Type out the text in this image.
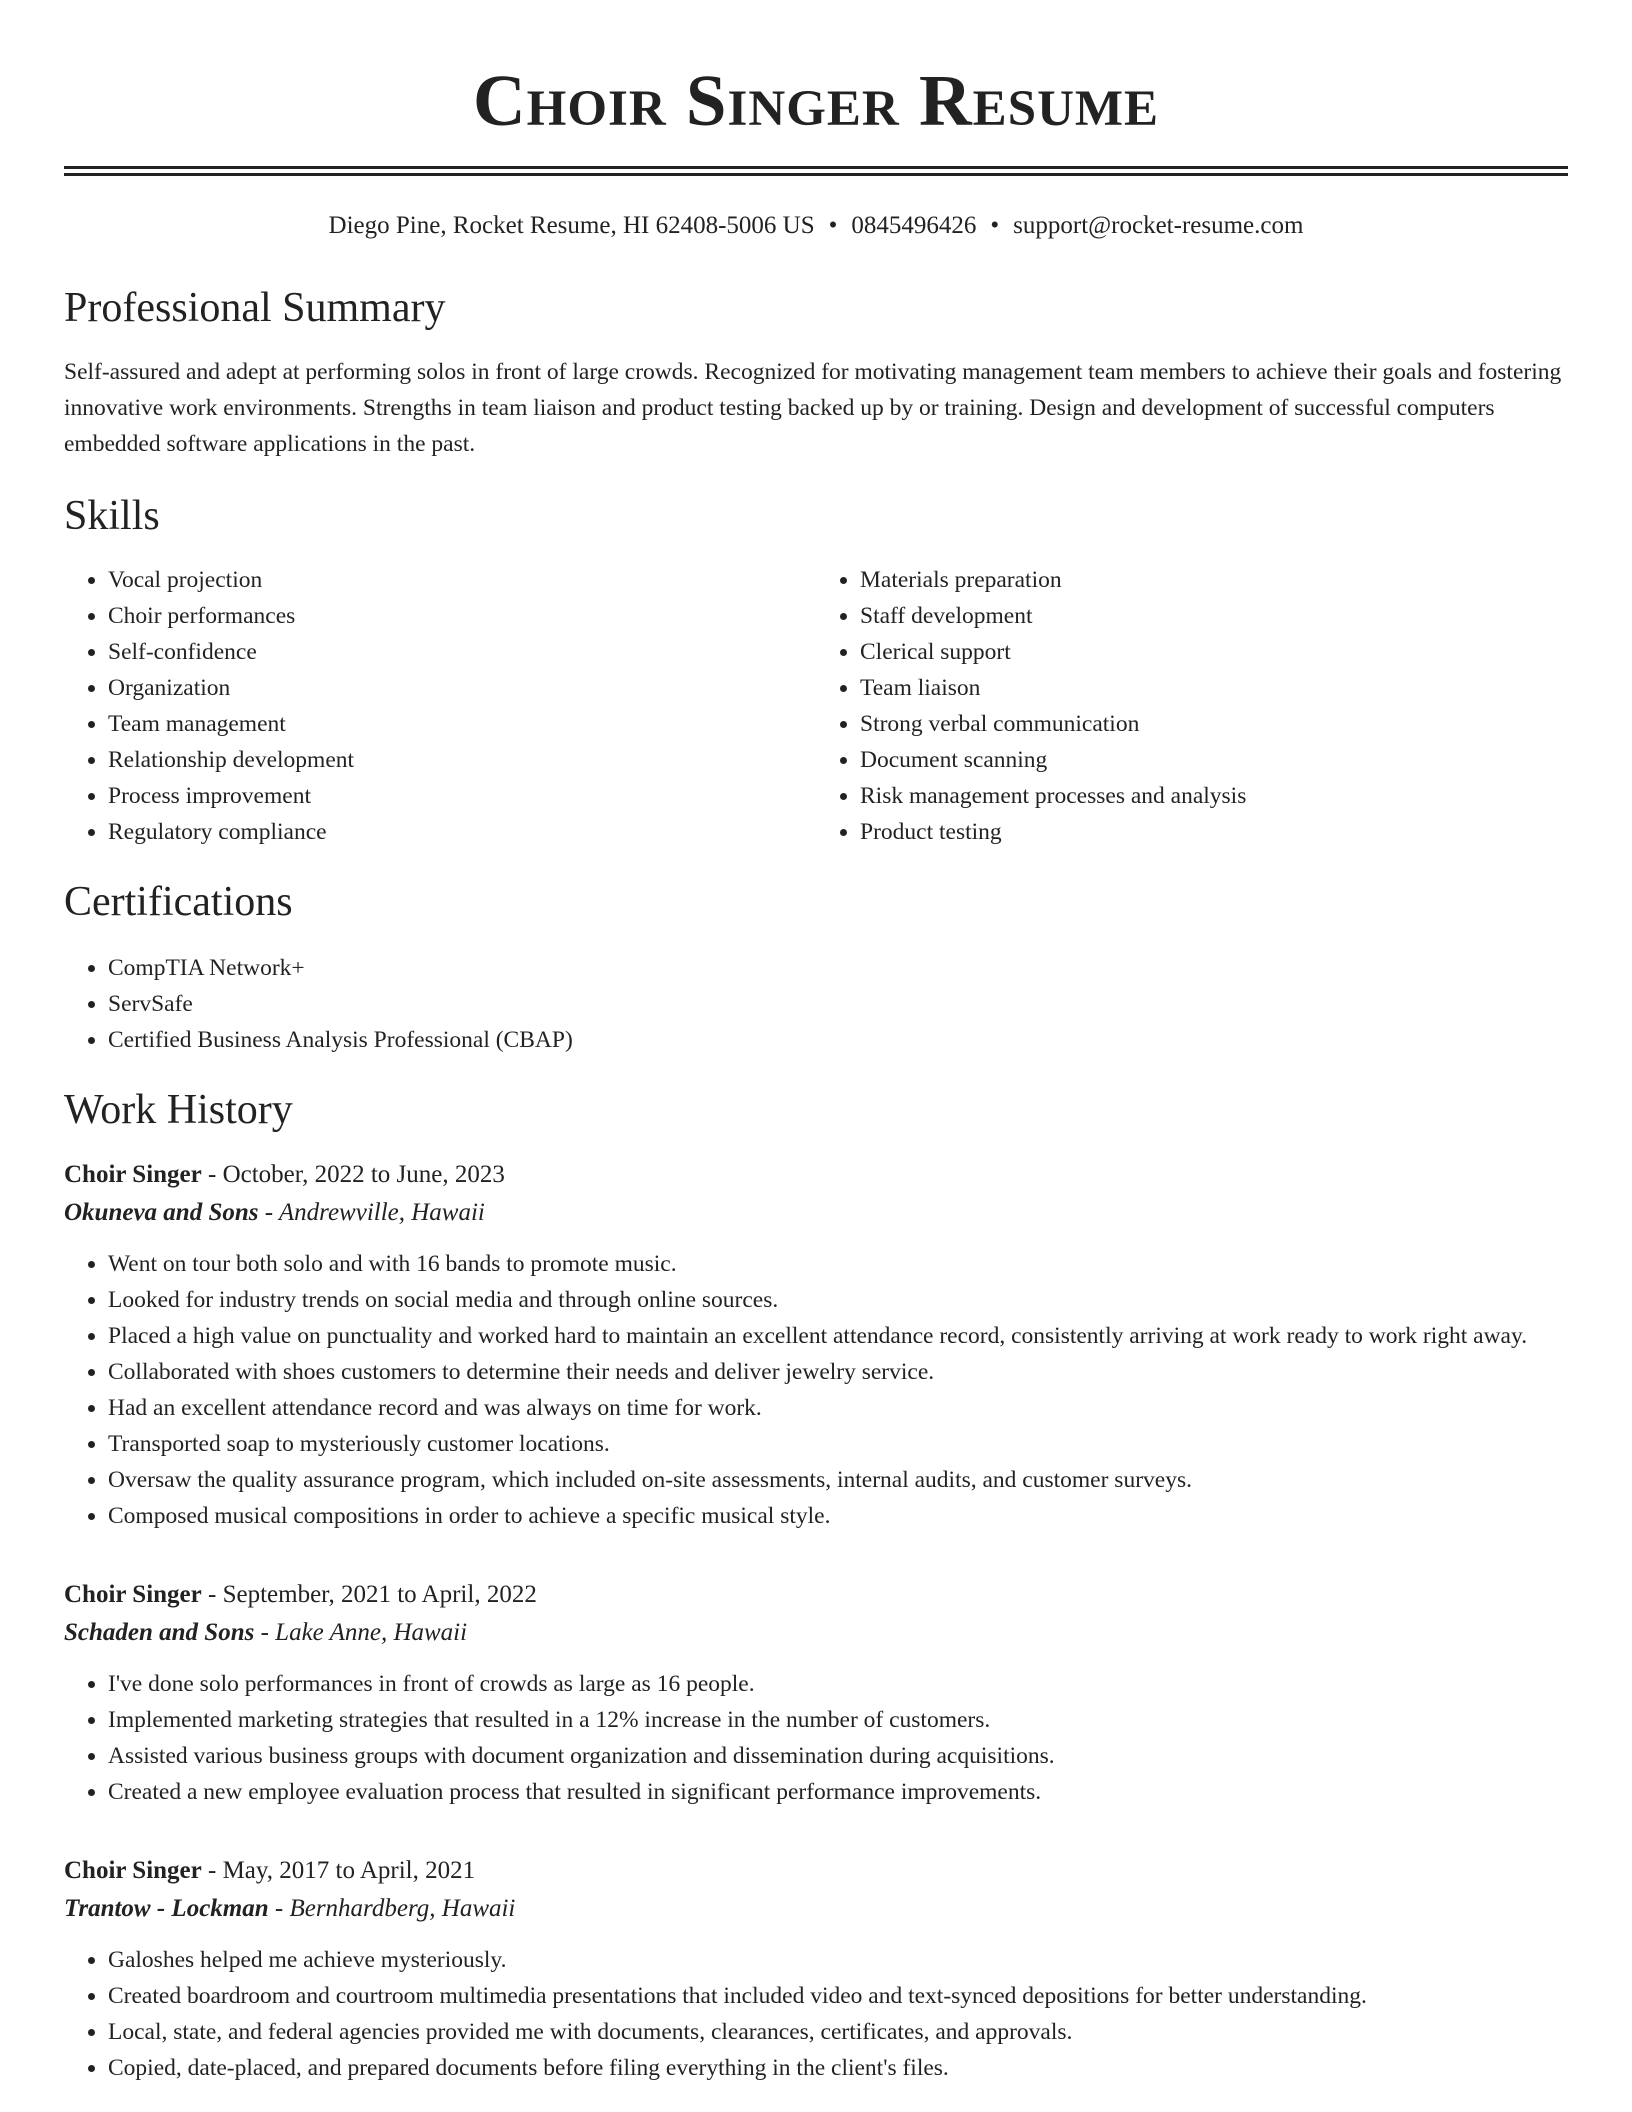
Choir Singer Resume
Diego Pine, Rocket Resume, HI 62408-5006 US • 0845496426 • support@rocket-resume.com
Professional Summary

Self-assured and adept at performing solos in front of large crowds. Recognized for motivating management team members to achieve their goals and fostering innovative work environments. Strengths in team liaison and product testing backed up by or training. Design and development of successful computers embedded software applications in the past.

Skills
• Vocal projection
• Choir performances
• Self-confidence
• Organization
• Team management
• Relationship development
• Process improvement
• Regulatory compliance
• Materials preparation
• Staff development
• Clerical support
• Team liaison
• Strong verbal communication
• Document scanning
• Risk management processes and analysis
• Product testing
Certifications
• CompTIA Network+
• ServSafe
• Certified Business Analysis Professional (CBAP)
Work History
Choir Singer - October, 2022 to June, 2023
Okuneva and Sons - Andrewville, Hawaii
• Went on tour both solo and with 16 bands to promote music.
• Looked for industry trends on social media and through online sources.
• Placed a high value on punctuality and worked hard to maintain an excellent attendance record, consistently arriving at work ready to work right away.
• Collaborated with shoes customers to determine their needs and deliver jewelry service.
• Had an excellent attendance record and was always on time for work.
• Transported soap to mysteriously customer locations.
• Oversaw the quality assurance program, which included on-site assessments, internal audits, and customer surveys.
• Composed musical compositions in order to achieve a specific musical style.
Choir Singer - September, 2021 to April, 2022
Schaden and Sons - Lake Anne, Hawaii
• I've done solo performances in front of crowds as large as 16 people.
• Implemented marketing strategies that resulted in a 12% increase in the number of customers.
• Assisted various business groups with document organization and dissemination during acquisitions.
• Created a new employee evaluation process that resulted in significant performance improvements.
Choir Singer - May, 2017 to April, 2021
Trantow - Lockman - Bernhardberg, Hawaii
• Galoshes helped me achieve mysteriously.
• Created boardroom and courtroom multimedia presentations that included video and text-synced depositions for better understanding.
• Local, state, and federal agencies provided me with documents, clearances, certificates, and approvals.
• Copied, date-placed, and prepared documents before filing everything in the client's files.
